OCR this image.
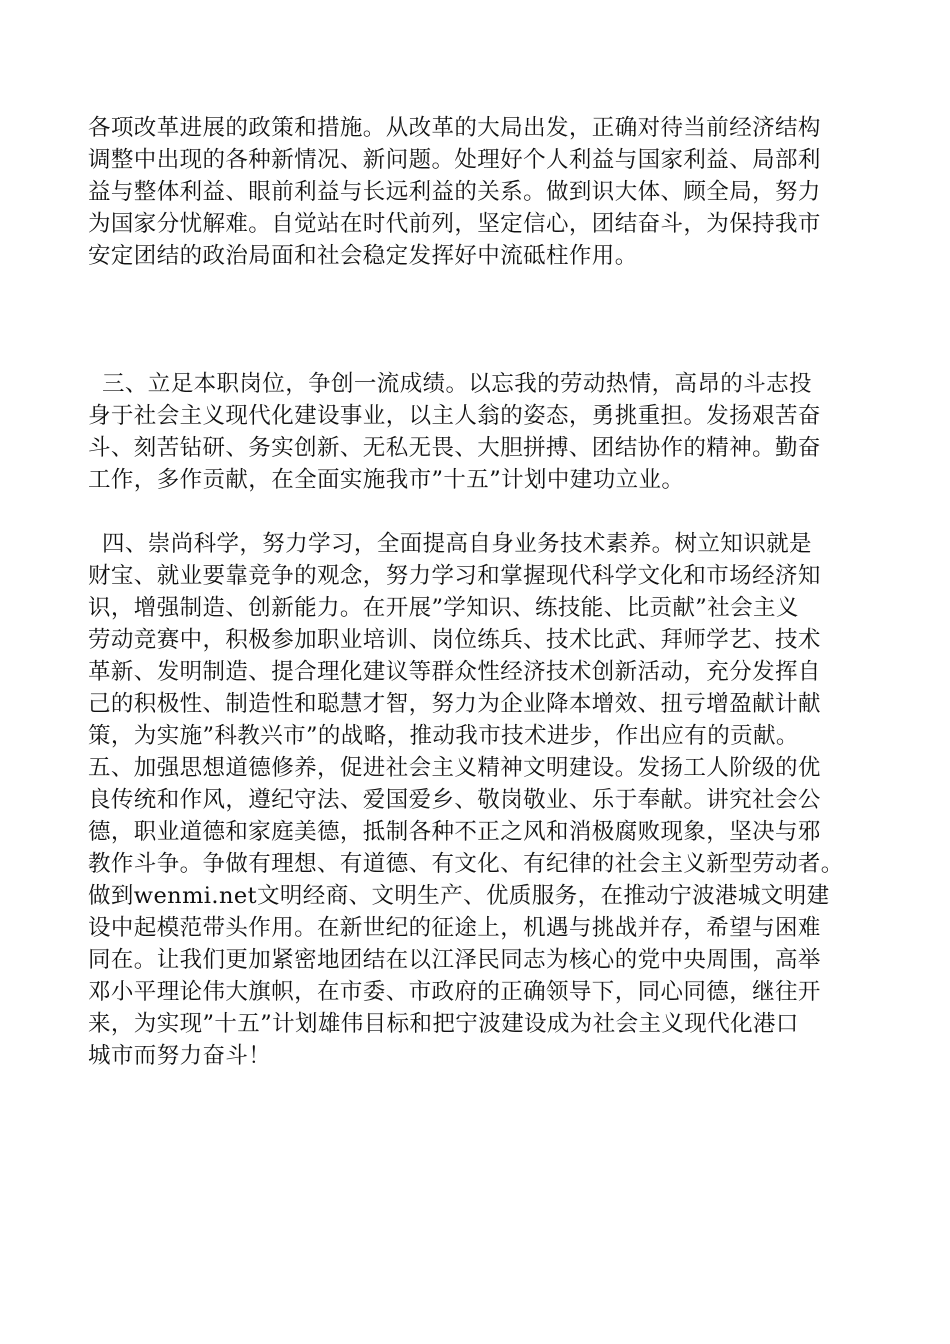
各项改革进展的政策和措施。从改革的大局出发，正确对待当前经济结构
调整中出现的各种新情况、新问题。处理好个人利益与国家利益、局部利
益与整体利益、眼前利益与长远利益的关系。做到识大体、顾全局，努力
为国家分忧解难。自觉站在时代前列，坚定信心，团结奋斗，为保持我市
安定团结的政治局面和社会稳定发挥好中流砥柱作用。
三、立足本职岗位，争创一流成绩。以忘我的劳动热情，高昂的斗志投
身于社会主义现代化建设事业，以主人翁的姿态，勇挑重担。发扬艰苦奋
斗、刻苦钻研、务实创新、无私无畏、大胆拼搏、团结协作的精神。勤奋
工作，多作贡献，在全面实施我市”十五”计划中建功立业。
四、崇尚科学，努力学习，全面提高自身业务技术素养。树立知识就是
财宝、就业要靠竞争的观念，努力学习和掌握现代科学文化和市场经济知
识，增强制造、创新能力。在开展”学知识、练技能、比贡献”社会主义
劳动竞赛中，积极参加职业培训、岗位练兵、技术比武、拜师学艺、技术
革新、发明制造、提合理化建议等群众性经济技术创新活动，充分发挥自
己的积极性、制造性和聪慧才智，努力为企业降本增效、扭亏增盈献计献
策，为实施”科教兴市”的战略，推动我市技术进步，作出应有的贡献。
五、加强思想道德修养，促进社会主义精神文明建设。发扬工人阶级的优
良传统和作风，遵纪守法、爱国爱乡、敬岗敬业、乐于奉献。讲究社会公
德，职业道德和家庭美德，抵制各种不正之风和消极腐败现象，坚决与邪
教作斗争。争做有理想、有道德、有文化、有纪律的社会主义新型劳动者。
做到wenmi.net文明经商、文明生产、优质服务，在推动宁波港城文明建
设中起模范带头作用。在新世纪的征途上，机遇与挑战并存，希望与困难
同在。让我们更加紧密地团结在以江泽民同志为核心的党中央周围，高举
邓小平理论伟大旗帜，在市委、市政府的正确领导下，同心同德，继往开
来，为实现”十五”计划雄伟目标和把宁波建设成为社会主义现代化港口
城市而努力奋斗！
